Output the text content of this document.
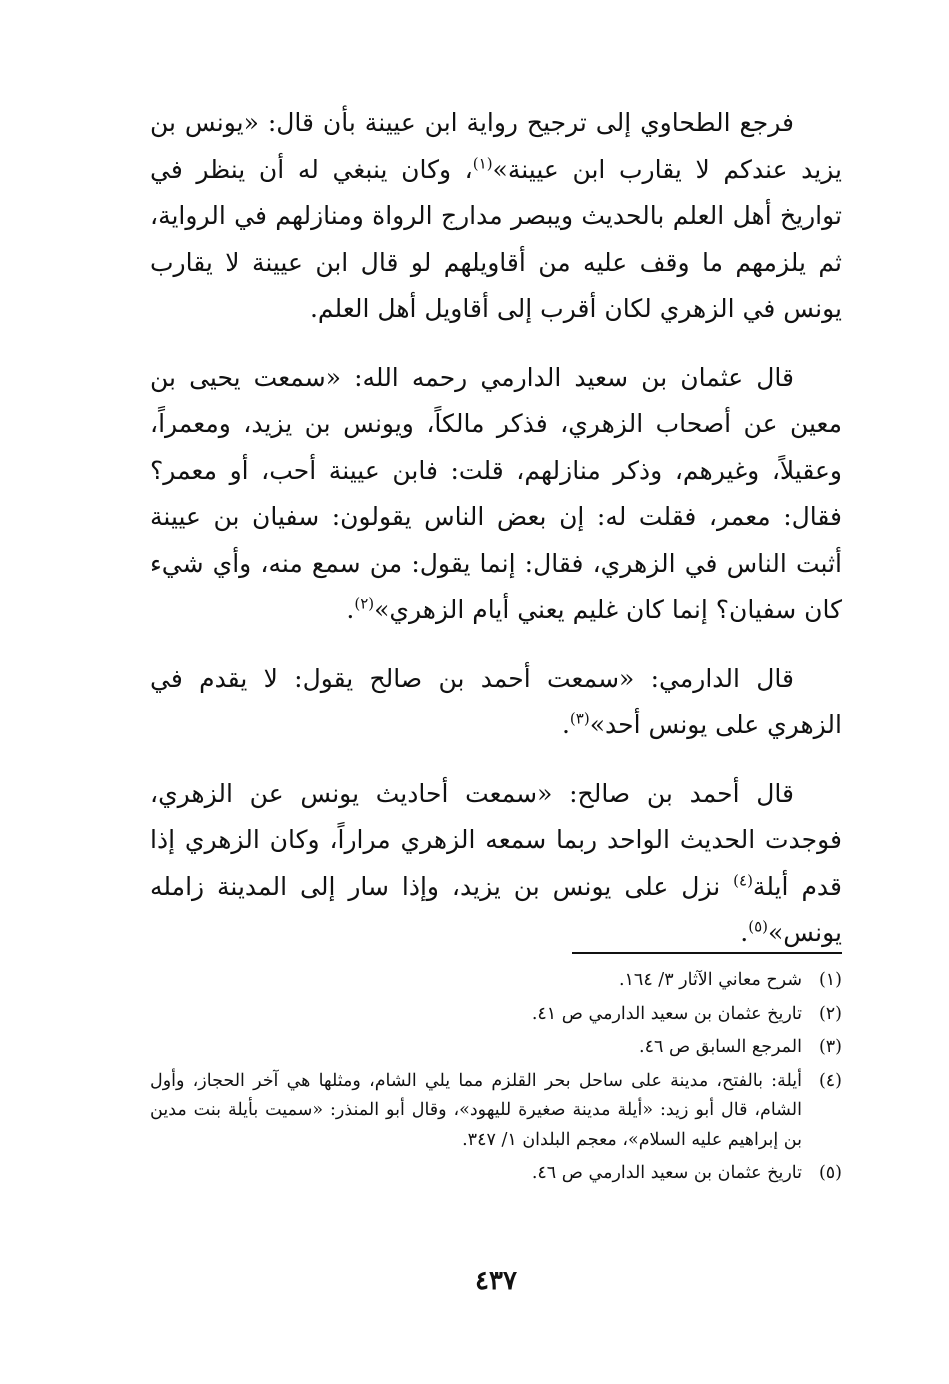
فرجع الطحاوي إلى ترجيح رواية ابن عيينة بأن قال: «يونس بن يزيد عندكم لا يقارب ابن عيينة»$^{(١)}$، وكان ينبغي له أن ينظر في تواريخ أهل العلم بالحديث ويبصر مدارج الرواة ومنازلهم في الرواية، ثم يلزمهم ما وقف عليه من أقاويلهم لو قال ابن عيينة لا يقارب يونس في الزهري لكان أقرب إلى أقاويل أهل العلم.

قال عثمان بن سعيد الدارمي رحمه الله: «سمعت يحيى بن معين عن أصحاب الزهري، فذكر مالكاً، ويونس بن يزيد، ومعمراً، وعقيلاً، وغيرهم، وذكر منازلهم، قلت: فابن عيينة أحب، أو معمر؟ فقال: معمر، فقلت له: إن بعض الناس يقولون: سفيان بن عيينة أثبت الناس في الزهري، فقال: إنما يقول: من سمع منه، وأي شيء كان سفيان؟ إنما كان غليم يعني أيام الزهري»$^{(٢)}$.

قال الدارمي: «سمعت أحمد بن صالح يقول: لا يقدم في الزهري على يونس أحد»$^{(٣)}$.

قال أحمد بن صالح: «سمعت أحاديث يونس عن الزهري، فوجدت الحديث الواحد ربما سمعه الزهري مراراً، وكان الزهري إذا قدم أيلة$^{(٤)}$ نزل على يونس بن يزيد، وإذا سار إلى المدينة زامله يونس»$^{(٥)}$.

(١)
شرح معاني الآثار ٣/ ١٦٤.
(٢)
تاريخ عثمان بن سعيد الدارمي ص ٤١.
(٣)
المرجع السابق ص ٤٦.
(٤)
أيلة: بالفتح، مدينة على ساحل بحر القلزم مما يلي الشام، ومثلها هي آخر الحجاز، وأول الشام، قال أبو زيد: «أيلة مدينة صغيرة لليهود»، وقال أبو المنذر: «سميت بأيلة بنت مدين بن إبراهيم عليه السلام»، معجم البلدان ١/ ٣٤٧.
(٥)
تاريخ عثمان بن سعيد الدارمي ص ٤٦.
٤٣٧
